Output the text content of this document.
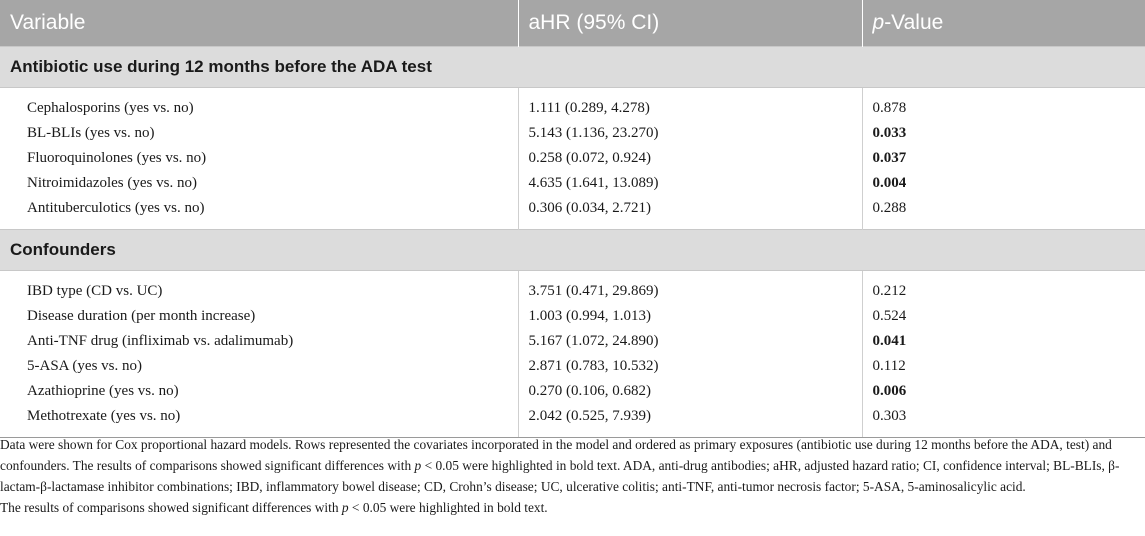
Variable	aHR (95% CI)	p-Value
Antibiotic use during 12 months before the ADA test		

Cephalosporins (yes vs. no)	1.111 (0.289, 4.278)	0.878
BL-BLIs (yes vs. no)	5.143 (1.136, 23.270)	0.033
Fluoroquinolones (yes vs. no)	0.258 (0.072, 0.924)	0.037
Nitroimidazoles (yes vs. no)	4.635 (1.641, 13.089)	0.004
Antituberculotics (yes vs. no)	0.306 (0.034, 2.721)	0.288

Confounders		

IBD type (CD vs. UC)	3.751 (0.471, 29.869)	0.212
Disease duration (per month increase)	1.003 (0.994, 1.013)	0.524
Anti-TNF drug (infliximab vs. adalimumab)	5.167 (1.072, 24.890)	0.041
5-ASA (yes vs. no)	2.871 (0.783, 10.532)	0.112
Azathioprine (yes vs. no)	0.270 (0.106, 0.682)	0.006
Methotrexate (yes vs. no)	2.042 (0.525, 7.939)	0.303

Data were shown for Cox proportional hazard models. Rows represented the covariates incorporated in the model and ordered as primary exposures (antibiotic use during 12 months before the ADA, test) and confounders. The results of comparisons showed significant differences with p < 0.05 were highlighted in bold text. ADA, anti-drug antibodies; aHR, adjusted hazard ratio; CI, confidence interval; BL-BLIs, β-lactam-β-lactamase inhibitor combinations; IBD, inflammatory bowel disease; CD, Crohn’s disease; UC, ulcerative colitis; anti-TNF, anti-tumor necrosis factor; 5-ASA, 5-aminosalicylic acid.

The results of comparisons showed significant differences with p < 0.05 were highlighted in bold text.
